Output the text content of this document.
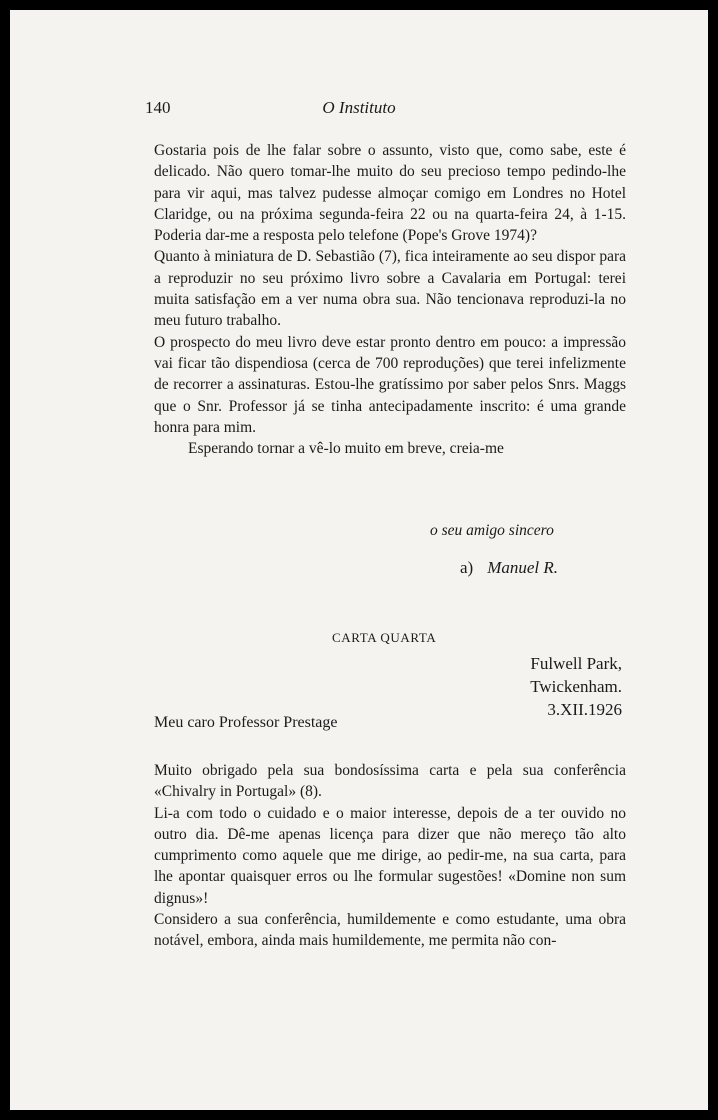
140	O Instituto

Gostaria pois de lhe falar sobre o assunto, visto que, como sabe, este é delicado. Não quero tomar-lhe muito do seu precioso tempo pedindo-lhe para vir aqui, mas talvez pudesse almoçar comigo em Londres no Hotel Claridge, ou na próxima segunda-feira 22 ou na quarta-feira 24, à 1-15. Poderia dar-me a resposta pelo telefone (Pope's Grove 1974)?

Quanto à miniatura de D. Sebastião (7), fica inteiramente ao seu dispor para a reproduzir no seu próximo livro sobre a Cavalaria em Portugal: terei muita satisfação em a ver numa obra sua. Não tencionava reproduzi-la no meu futuro trabalho.

O prospecto do meu livro deve estar pronto dentro em pouco: a impressão vai ficar tão dispendiosa (cerca de 700 reproduções) que terei infelizmente de recorrer a assinaturas. Estou-lhe gratíssimo por saber pelos Snrs. Maggs que o Snr. Professor já se tinha antecipadamente inscrito: é uma grande honra para mim.

Esperando tornar a vê-lo muito em breve, creia-me

o seu amigo sincero
a) Manuel R.
CARTA QUARTA
Fulwell Park,
Twickenham.
3.XII.1926
Meu caro Professor Prestage

Muito obrigado pela sua bondosíssima carta e pela sua conferência «Chivalry in Portugal» (8).

Li-a com todo o cuidado e o maior interesse, depois de a ter ouvido no outro dia. Dê-me apenas licença para dizer que não mereço tão alto cumprimento como aquele que me dirige, ao pedir-me, na sua carta, para lhe apontar quaisquer erros ou lhe formular sugestões! «Domine non sum dignus»!

Considero a sua conferência, humildemente e como estudante, uma obra notável, embora, ainda mais humildemente, me permita não con-
